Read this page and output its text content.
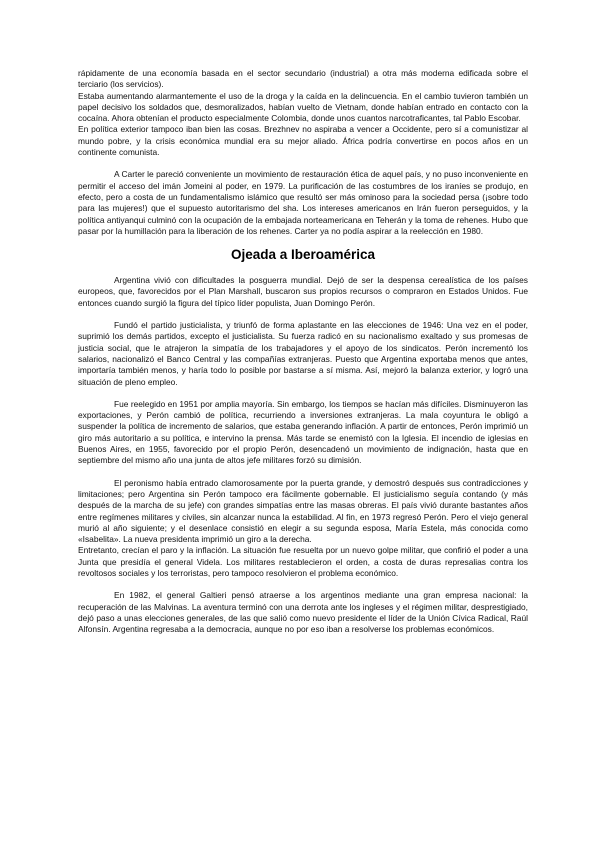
rápidamente de una economía basada en el sector secundario (industrial) a otra más moderna edificada sobre el terciario (los servicios).

Estaba aumentando alarmantemente el uso de la droga y la caída en la delincuencia. En el cambio tuvieron también un papel decisivo los soldados que, desmoralizados, habían vuelto de Vietnam, donde habían entrado en contacto con la cocaína. Ahora obtenían el producto especialmente Colombia, donde unos cuantos narcotraficantes, tal Pablo Escobar.

En política exterior tampoco iban bien las cosas. Brezhnev no aspiraba a vencer a Occidente, pero sí a comunistizar al mundo pobre, y la crisis económica mundial era su mejor aliado. África podría convertirse en pocos años en un continente comunista.

A Carter le pareció conveniente un movimiento de restauración ética de aquel país, y no puso inconveniente en permitir el acceso del imán Jomeini al poder, en 1979. La purificación de las costumbres de los iraníes se produjo, en efecto, pero a costa de un fundamentalismo islámico que resultó ser más ominoso para la sociedad persa (¡sobre todo para las mujeres!) que el supuesto autoritarismo del sha. Los intereses americanos en Irán fueron perseguidos, y la política antiyanqui culminó con la ocupación de la embajada norteamericana en Teherán y la toma de rehenes. Hubo que pasar por la humillación para la liberación de los rehenes. Carter ya no podía aspirar a la reelección en 1980.

Ojeada a Iberoamérica

Argentina vivió con dificultades la posguerra mundial. Dejó de ser la despensa cerealística de los países europeos, que, favorecidos por el Plan Marshall, buscaron sus propios recursos o compraron en Estados Unidos. Fue entonces cuando surgió la figura del típico líder populista, Juan Domingo Perón.

Fundó el partido justicialista, y triunfó de forma aplastante en las elecciones de 1946: Una vez en el poder, suprimió los demás partidos, excepto el justicialista. Su fuerza radicó en su nacionalismo exaltado y sus promesas de justicia social, que le atrajeron la simpatía de los trabajadores y el apoyo de los sindicatos. Perón incrementó los salarios, nacionalizó el Banco Central y las compañías extranjeras. Puesto que Argentina exportaba menos que antes, importaría también menos, y haría todo lo posible por bastarse a sí misma. Así, mejoró la balanza exterior, y logró una situación de pleno empleo.

Fue reelegido en 1951 por amplia mayoría. Sin embargo, los tiempos se hacían más difíciles. Disminuyeron las exportaciones, y Perón cambió de política, recurriendo a inversiones extranjeras. La mala coyuntura le obligó a suspender la política de incremento de salarios, que estaba generando inflación. A partir de entonces, Perón imprimió un giro más autoritario a su política, e intervino la prensa. Más tarde se enemistó con la Iglesia. El incendio de iglesias en Buenos Aires, en 1955, favorecido por el propio Perón, desencadenó un movimiento de indignación, hasta que en septiembre del mismo año una junta de altos jefe militares forzó su dimisión.

El peronismo había entrado clamorosamente por la puerta grande, y demostró después sus contradicciones y limitaciones; pero Argentina sin Perón tampoco era fácilmente gobernable. El justicialismo seguía contando (y más después de la marcha de su jefe) con grandes simpatías entre las masas obreras. El país vivió durante bastantes años entre regímenes militares y civiles, sin alcanzar nunca la estabilidad. Al fin, en 1973 regresó Perón. Pero el viejo general murió al año siguiente; y el desenlace consistió en elegir a su segunda esposa, María Estela, más conocida como «Isabelita». La nueva presidenta imprimió un giro a la derecha.

Entretanto, crecían el paro y la inflación. La situación fue resuelta por un nuevo golpe militar, que confirió el poder a una Junta que presidía el general Videla. Los militares restablecieron el orden, a costa de duras represalias contra los revoltosos sociales y los terroristas, pero tampoco resolvieron el problema económico.

En 1982, el general Galtieri pensó atraerse a los argentinos mediante una gran empresa nacional: la recuperación de las Malvinas. La aventura terminó con una derrota ante los ingleses y el régimen militar, desprestigiado, dejó paso a unas elecciones generales, de las que salió como nuevo presidente el líder de la Unión Cívica Radical, Raúl Alfonsín. Argentina regresaba a la democracia, aunque no por eso iban a resolverse los problemas económicos.
